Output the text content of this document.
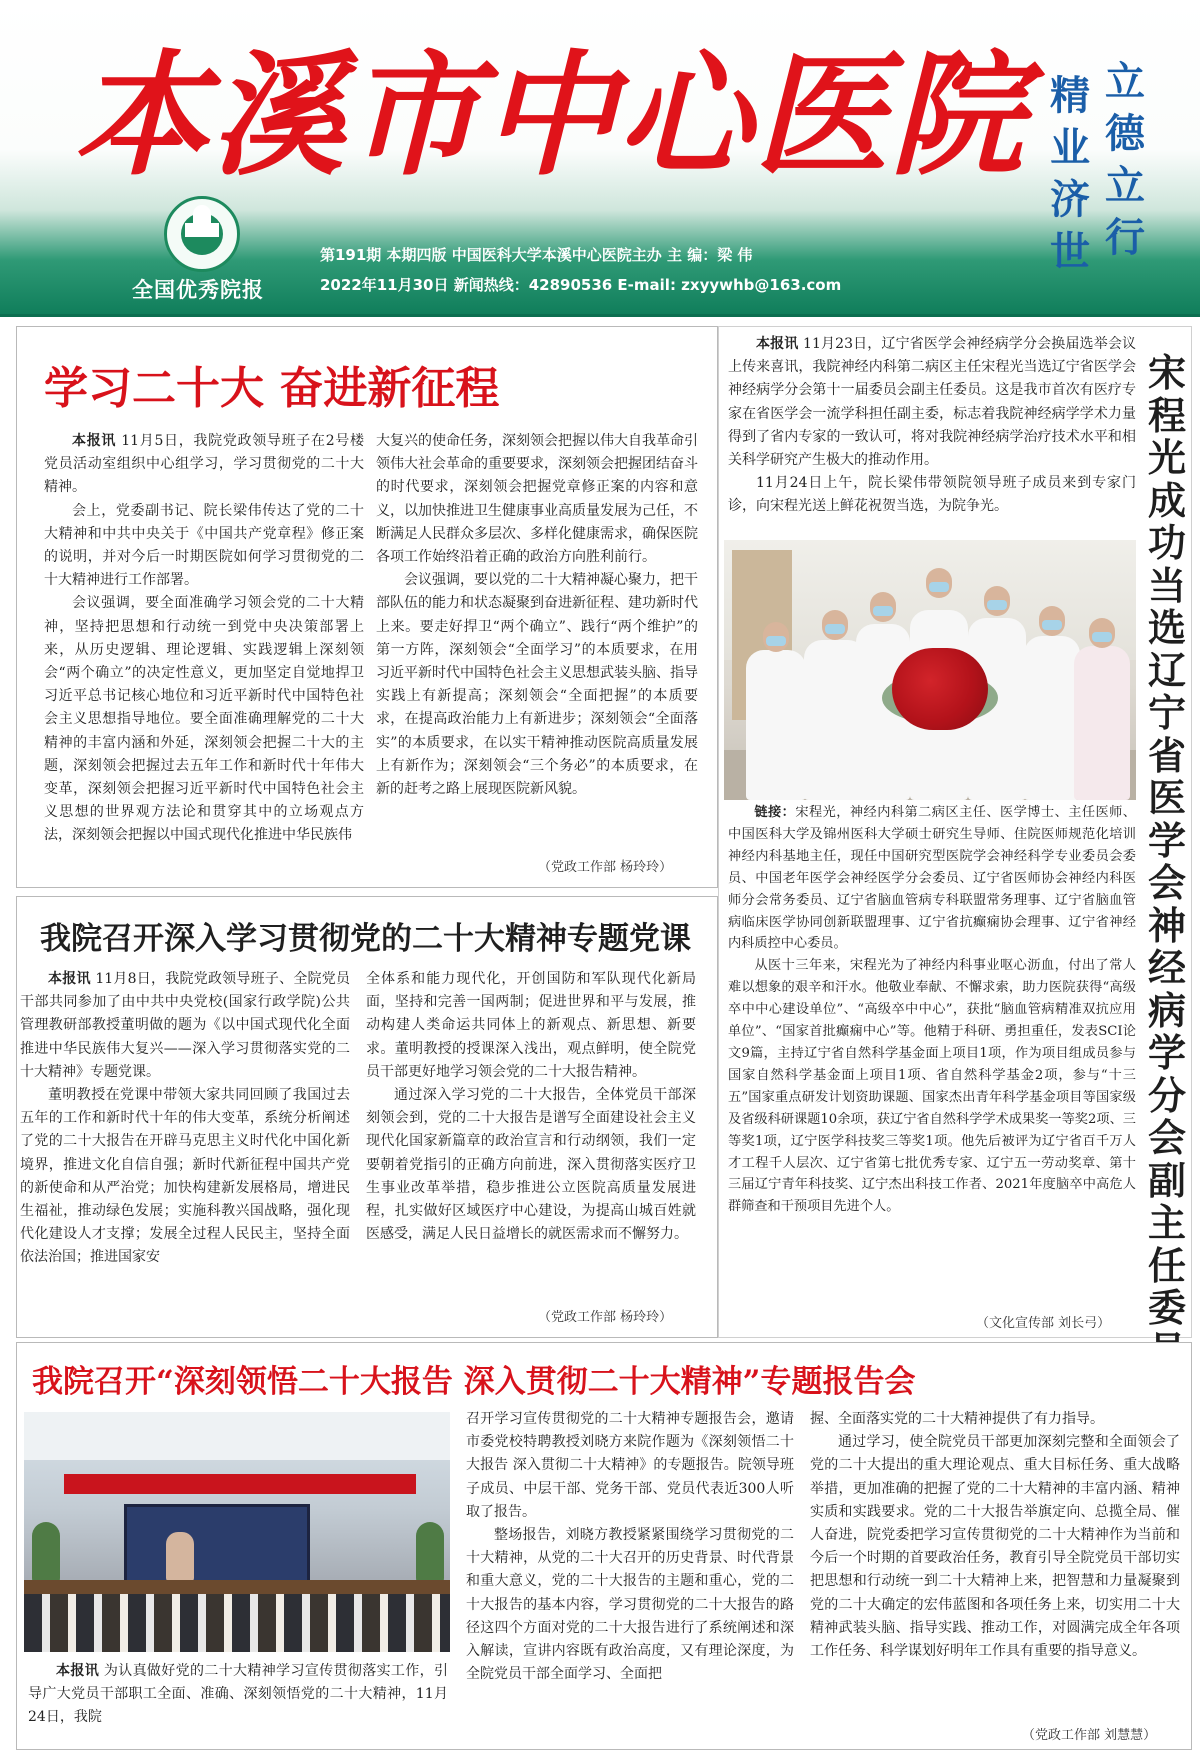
本溪市中心医院 立
德
立
行
精
业
济
世
全国优秀院报
第191期 本期四版 中国医科大学本溪中心医院主办 主 编：梁 伟
2022年11月30日 新闻热线：42890536 E-mail: zxyywhb@163.com
学习二十大 奋进新征程

本报讯 11月5日，我院党政领导班子在2号楼党员活动室组织中心组学习，学习贯彻党的二十大精神。

会上，党委副书记、院长梁伟传达了党的二十大精神和中共中央关于《中国共产党章程》修正案的说明，并对今后一时期医院如何学习贯彻党的二十大精神进行工作部署。

会议强调，要全面准确学习领会党的二十大精神，坚持把思想和行动统一到党中央决策部署上来，从历史逻辑、理论逻辑、实践逻辑上深刻领会“两个确立”的决定性意义，更加坚定自觉地捍卫习近平总书记核心地位和习近平新时代中国特色社会主义思想指导地位。要全面准确理解党的二十大精神的丰富内涵和外延，深刻领会把握二十大的主题，深刻领会把握过去五年工作和新时代十年伟大变革，深刻领会把握习近平新时代中国特色社会主义思想的世界观方法论和贯穿其中的立场观点方法，深刻领会把握以中国式现代化推进中华民族伟

大复兴的使命任务，深刻领会把握以伟大自我革命引领伟大社会革命的重要要求，深刻领会把握团结奋斗的时代要求，深刻领会把握党章修正案的内容和意义，以加快推进卫生健康事业高质量发展为己任，不断满足人民群众多层次、多样化健康需求，确保医院各项工作始终沿着正确的政治方向胜利前行。

会议强调，要以党的二十大精神凝心聚力，把干部队伍的能力和状态凝聚到奋进新征程、建功新时代上来。要走好捍卫“两个确立”、践行“两个维护”的第一方阵，深刻领会“全面学习”的本质要求，在用习近平新时代中国特色社会主义思想武装头脑、指导实践上有新提高；深刻领会“全面把握”的本质要求，在提高政治能力上有新进步；深刻领会“全面落实”的本质要求，在以实干精神推动医院高质量发展上有新作为；深刻领会“三个务必”的本质要求，在新的赶考之路上展现医院新风貌。

（党政工作部 杨玲玲）
我院召开深入学习贯彻党的二十大精神专题党课

本报讯 11月8日，我院党政领导班子、全院党员干部共同参加了由中共中央党校(国家行政学院)公共管理教研部教授董明做的题为《以中国式现代化全面推进中华民族伟大复兴——深入学习贯彻落实党的二十大精神》专题党课。

董明教授在党课中带领大家共同回顾了我国过去五年的工作和新时代十年的伟大变革，系统分析阐述了党的二十大报告在开辟马克思主义时代化中国化新境界，推进文化自信自强；新时代新征程中国共产党的新使命和从严治党；加快构建新发展格局，增进民生福祉，推动绿色发展；实施科教兴国战略，强化现代化建设人才支撑；发展全过程人民民主，坚持全面依法治国；推进国家安

全体系和能力现代化，开创国防和军队现代化新局面，坚持和完善一国两制；促进世界和平与发展，推动构建人类命运共同体上的新观点、新思想、新要求。董明教授的授课深入浅出，观点鲜明，使全院党员干部更好地学习领会党的二十大报告精神。

通过深入学习党的二十大报告，全体党员干部深刻领会到，党的二十大报告是谱写全面建设社会主义现代化国家新篇章的政治宣言和行动纲领，我们一定要朝着党指引的正确方向前进，深入贯彻落实医疗卫生事业改革举措，稳步推进公立医院高质量发展进程，扎实做好区域医疗中心建设，为提高山城百姓就医感受，满足人民日益增长的就医需求而不懈努力。

（党政工作部 杨玲玲）

本报讯 11月23日，辽宁省医学会神经病学分会换届选举会议上传来喜讯，我院神经内科第二病区主任宋程光当选辽宁省医学会神经病学分会第十一届委员会副主任委员。这是我市首次有医疗专家在省医学会一流学科担任副主委，标志着我院神经病学学术力量得到了省内专家的一致认可，将对我院神经病学治疗技术水平和相关科学研究产生极大的推动作用。

11月24日上午，院长梁伟带领院领导班子成员来到专家门诊，向宋程光送上鲜花祝贺当选，为院争光。

链接：宋程光，神经内科第二病区主任、医学博士、主任医师、中国医科大学及锦州医科大学硕士研究生导师、住院医师规范化培训神经内科基地主任，现任中国研究型医院学会神经科学专业委员会委员、中国老年医学会神经医学分会委员、辽宁省医师协会神经内科医师分会常务委员、辽宁省脑血管病专科联盟常务理事、辽宁省脑血管病临床医学协同创新联盟理事、辽宁省抗癫痫协会理事、辽宁省神经内科质控中心委员。

从医十三年来，宋程光为了神经内科事业呕心沥血，付出了常人难以想象的艰辛和汗水。他敬业奉献、不懈求索，助力医院获得“高级卒中中心建设单位”、“高级卒中中心”，获批“脑血管病精准双抗应用单位”、“国家首批癫痫中心”等。他精于科研、勇担重任，发表SCI论文9篇，主持辽宁省自然科学基金面上项目1项，作为项目组成员参与国家自然科学基金面上项目1项、省自然科学基金2项，参与“十三五”国家重点研发计划资助课题、国家杰出青年科学基金项目等国家级及省级科研课题10余项，获辽宁省自然科学学术成果奖一等奖2项、三等奖1项，辽宁医学科技奖三等奖1项。他先后被评为辽宁省百千万人才工程千人层次、辽宁省第七批优秀专家、辽宁五一劳动奖章、第十三届辽宁青年科技奖、辽宁杰出科技工作者、2021年度脑卒中高危人群筛查和干预项目先进个人。

（文化宣传部 刘长弓）
宋程光成功当选辽宁省医学会神经病学分会副主任委
我院召开“深刻领悟二十大报告 深入贯彻二十大精神”专题报告会

本报讯 为认真做好党的二十大精神学习宣传贯彻落实工作，引导广大党员干部职工全面、准确、深刻领悟党的二十大精神，11月24日，我院

召开学习宣传贯彻党的二十大精神专题报告会，邀请市委党校特聘教授刘晓方来院作题为《深刻领悟二十大报告 深入贯彻二十大精神》的专题报告。院领导班子成员、中层干部、党务干部、党员代表近300人听取了报告。

整场报告，刘晓方教授紧紧围绕学习贯彻党的二十大精神，从党的二十大召开的历史背景、时代背景和重大意义，党的二十大报告的主题和重心，党的二十大报告的基本内容，学习贯彻党的二十大报告的路径这四个方面对党的二十大报告进行了系统阐述和深入解读，宣讲内容既有政治高度，又有理论深度，为全院党员干部全面学习、全面把

握、全面落实党的二十大精神提供了有力指导。

通过学习，使全院党员干部更加深刻完整和全面领会了党的二十大提出的重大理论观点、重大目标任务、重大战略举措，更加准确的把握了党的二十大精神的丰富内涵、精神实质和实践要求。党的二十大报告举旗定向、总揽全局、催人奋进，院党委把学习宣传贯彻党的二十大精神作为当前和今后一个时期的首要政治任务，教育引导全院党员干部切实把思想和行动统一到二十大精神上来，把智慧和力量凝聚到党的二十大确定的宏伟蓝图和各项任务上来，切实用二十大精神武装头脑、指导实践、推动工作，对圆满完成全年各项工作任务、科学谋划好明年工作具有重要的指导意义。

（党政工作部 刘慧慧）
